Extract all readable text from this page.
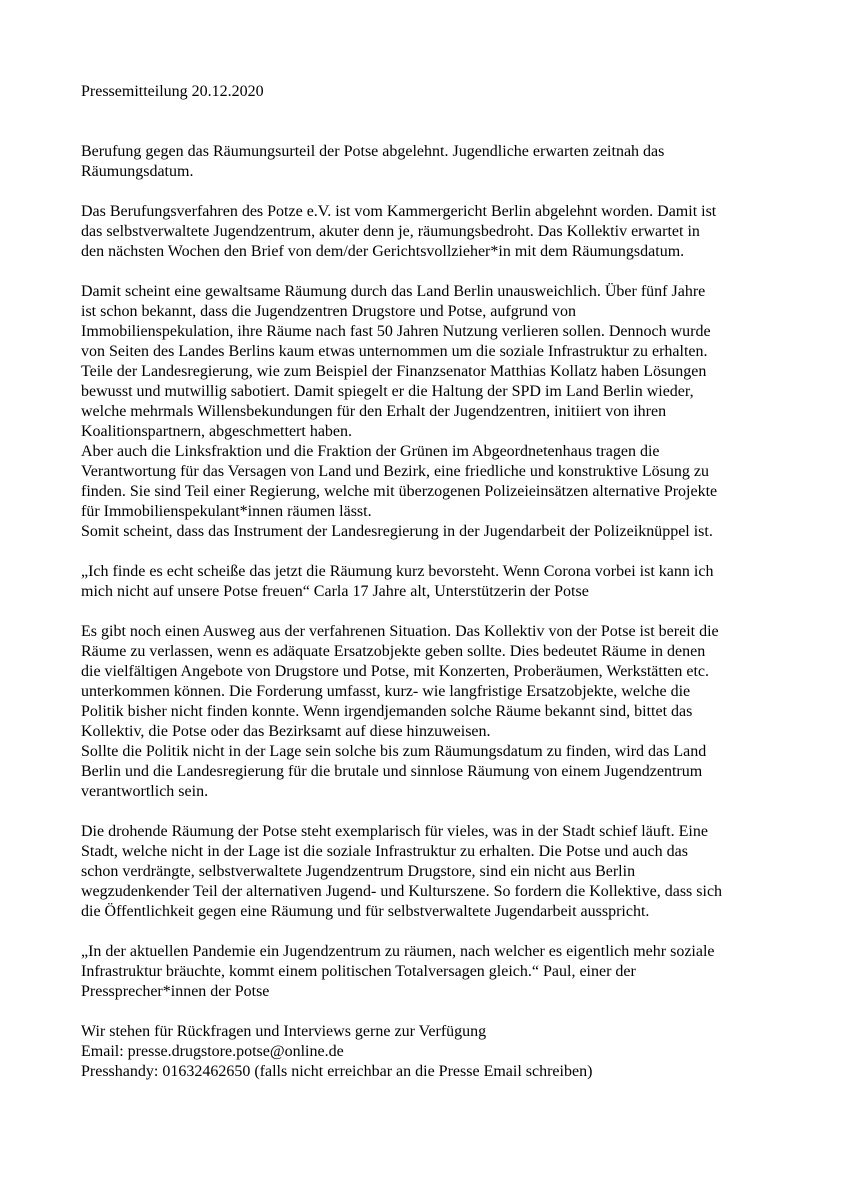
Pressemitteilung 20.12.2020
Berufung gegen das Räumungsurteil der Potse abgelehnt. Jugendliche erwarten zeitnah das
Räumungsdatum.
Das Berufungsverfahren des Potze e.V. ist vom Kammergericht Berlin abgelehnt worden. Damit ist
das selbstverwaltete Jugendzentrum, akuter denn je, räumungsbedroht. Das Kollektiv erwartet in
den nächsten Wochen den Brief von dem/der Gerichtsvollzieher*in mit dem Räumungsdatum.
Damit scheint eine gewaltsame Räumung durch das Land Berlin unausweichlich. Über fünf Jahre
ist schon bekannt, dass die Jugendzentren Drugstore und Potse, aufgrund von
Immobilienspekulation, ihre Räume nach fast 50 Jahren Nutzung verlieren sollen. Dennoch wurde
von Seiten des Landes Berlins kaum etwas unternommen um die soziale Infrastruktur zu erhalten.
Teile der Landesregierung, wie zum Beispiel der Finanzsenator Matthias Kollatz haben Lösungen
bewusst und mutwillig sabotiert. Damit spiegelt er die Haltung der SPD im Land Berlin wieder,
welche mehrmals Willensbekundungen für den Erhalt der Jugendzentren, initiiert von ihren
Koalitionspartnern, abgeschmettert haben.
Aber auch die Linksfraktion und die Fraktion der Grünen im Abgeordnetenhaus tragen die
Verantwortung für das Versagen von Land und Bezirk, eine friedliche und konstruktive Lösung zu
finden. Sie sind Teil einer Regierung, welche mit überzogenen Polizeieinsätzen alternative Projekte
für Immobilienspekulant*innen räumen lässt.
Somit scheint, dass das Instrument der Landesregierung in der Jugendarbeit der Polizeiknüppel ist.
„Ich finde es echt scheiße das jetzt die Räumung kurz bevorsteht. Wenn Corona vorbei ist kann ich
mich nicht auf unsere Potse freuen“ Carla 17 Jahre alt, Unterstützerin der Potse
Es gibt noch einen Ausweg aus der verfahrenen Situation. Das Kollektiv von der Potse ist bereit die
Räume zu verlassen, wenn es adäquate Ersatzobjekte geben sollte. Dies bedeutet Räume in denen
die vielfältigen Angebote von Drugstore und Potse, mit Konzerten, Proberäumen, Werkstätten etc.
unterkommen können. Die Forderung umfasst, kurz- wie langfristige Ersatzobjekte, welche die
Politik bisher nicht finden konnte. Wenn irgendjemanden solche Räume bekannt sind, bittet das
Kollektiv, die Potse oder das Bezirksamt auf diese hinzuweisen.
Sollte die Politik nicht in der Lage sein solche bis zum Räumungsdatum zu finden, wird das Land
Berlin und die Landesregierung für die brutale und sinnlose Räumung von einem Jugendzentrum
verantwortlich sein.
Die drohende Räumung der Potse steht exemplarisch für vieles, was in der Stadt schief läuft. Eine
Stadt, welche nicht in der Lage ist die soziale Infrastruktur zu erhalten. Die Potse und auch das
schon verdrängte, selbstverwaltete Jugendzentrum Drugstore, sind ein nicht aus Berlin
wegzudenkender Teil der alternativen Jugend- und Kulturszene. So fordern die Kollektive, dass sich
die Öffentlichkeit gegen eine Räumung und für selbstverwaltete Jugendarbeit ausspricht.
„In der aktuellen Pandemie ein Jugendzentrum zu räumen, nach welcher es eigentlich mehr soziale
Infrastruktur bräuchte, kommt einem politischen Totalversagen gleich.“ Paul, einer der
Pressprecher*innen der Potse
Wir stehen für Rückfragen und Interviews gerne zur Verfügung
Email: presse.drugstore.potse@online.de
Presshandy: 01632462650 (falls nicht erreichbar an die Presse Email schreiben)
